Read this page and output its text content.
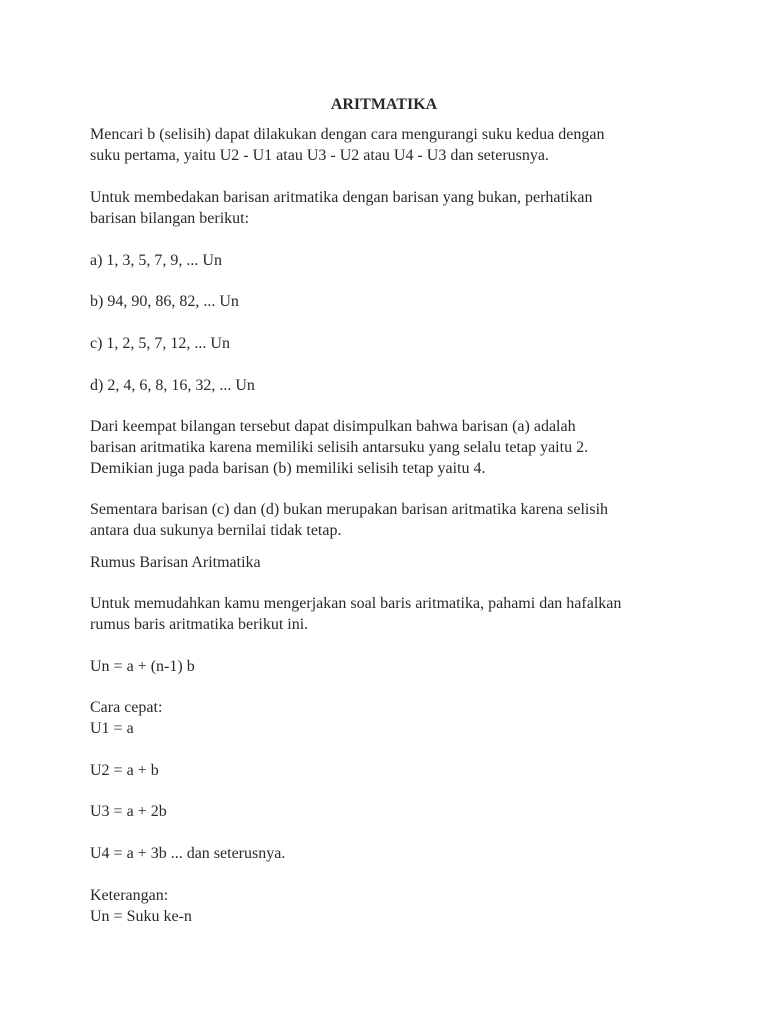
ARITMATIKA

Mencari b (selisih) dapat dilakukan dengan cara mengurangi suku kedua dengan
suku pertama, yaitu U2 - U1 atau U3 - U2 atau U4 - U3 dan seterusnya.

Untuk membedakan barisan aritmatika dengan barisan yang bukan, perhatikan
barisan bilangan berikut:

a) 1, 3, 5, 7, 9, ... Un

b) 94, 90, 86, 82, ... Un

c) 1, 2, 5, 7, 12, ... Un

d) 2, 4, 6, 8, 16, 32, ... Un

Dari keempat bilangan tersebut dapat disimpulkan bahwa barisan (a) adalah
barisan aritmatika karena memiliki selisih antarsuku yang selalu tetap yaitu 2.
Demikian juga pada barisan (b) memiliki selisih tetap yaitu 4.

Sementara barisan (c) dan (d) bukan merupakan barisan aritmatika karena selisih
antara dua sukunya bernilai tidak tetap.

Rumus Barisan Aritmatika

Untuk memudahkan kamu mengerjakan soal baris aritmatika, pahami dan hafalkan
rumus baris aritmatika berikut ini.

Un = a + (n-1) b

Cara cepat:
U1 = a

U2 = a + b

U3 = a + 2b

U4 = a + 3b ... dan seterusnya.

Keterangan:
Un = Suku ke-n
